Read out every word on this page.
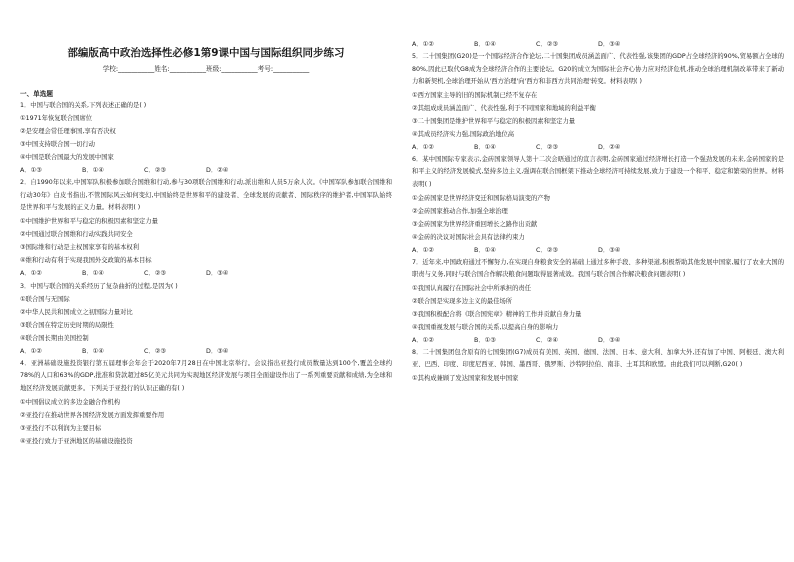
部编版高中政治选择性必修1第9课中国与国际组织同步练习
学校:___________姓名:___________班级:___________考号:___________
一、单选题
1．中国与联合国的关系,下列表述正确的是( )
①1971年恢复联合国席位
②是安理会常任理事国,享有否决权
③中国支持联合国一切行动
④中国是联合国最大的发展中国家
A．①③	B．①④	C．②③	D．②④
2．自1990年以来,中国军队积极参加联合国维和行动,参与30项联合国维和行动,派出维和人员5万余人次。《中国军队参加联合国维和行动30年》白皮书指出,不管国际风云如何变幻,中国始终是世界和平的建设者、全球发展的贡献者、国际秩序的维护者,中国军队始终是世界和平与发展的正义力量。材料表明( )
①中国维护世界和平与稳定的积极因素和坚定力量
②中国通过联合国维和行动实践共同安全
③国际维和行动是主权国家享有的基本权利
④维和行动有利于实现我国外交政策的基本目标
A．①②	B．①④	C．②③	D．③④
3．中国与联合国的关系经历了复杂曲折的过程,是因为( )
①联合国与无国际
②中华人民共和国成立之初国际力量对比
③联合国在特定历史时期的局限性
④联合国长期由美国控制
A．①②	B．①④	C．②③	D．③④
4．亚洲基础设施投资银行第五届理事会年会于2020年7月28日在中国北京举行。会议指出亚投行成员数量达到100个,覆盖全球约78%的人口和63%的GDP,批准和贷款超过85亿美元共同为实现地区经济发展与项目全面建设作出了一系列重要贡献和成绩,为全球和地区经济发展贡献更多。下列关于亚投行的认识正确的有( )
①中国倡议成立的多边金融合作机构
②亚投行在推动世界各国经济发展方面发挥重要作用
③亚投行不以利润为主要目标
④亚投行致力于亚洲地区的基础设施投资
A．①②	B．①④	C．②③	D．③④
5．二十国集团(G20)是一个国际经济合作论坛,二十国集团成员涵盖面广、代表性强,该集团的GDP占全球经济的90%,贸易额占全球的80%,因此已取代G8成为全球经济合作的主要论坛。G20的成立为国际社会齐心协力应对经济危机,推动全球治理机制改革带来了新动力和新契机,全球治理开始从'西方治理'向'西方和非西方共同治理'转变。材料表明( )
①西方国家主导的旧的国际机制已经不复存在
②其组成成员涵盖面广、代表性强,利于不同国家和地域的利益平衡
③二十国集团是维护世界和平与稳定的积极因素和坚定力量
④其成员经济实力强,国际政治地位高
A．①②	B．①④	C．②③	D．②④
6．某中国国际专家表示,金砖国家领导人第十二次会晤通过的宣言表明,金砖国家通过经济增长打造一个强劲发展的未来,金砖国家的是和平主义的经济发展模式,坚持多边主义,强调在联合国框架下推动全球经济可持续发展,致力于建设一个和平、稳定和繁荣的世界。材料表明( )
①金砖国家是世界经济变迁和国际格局演变的产物
②金砖国家推动合作,加强全球治理
③金砖国家为世界经济重回增长之路作出贡献
④金砖的决议对国际社会具有法律约束力
A．①②	B．①④	C．②③	D．③④
7．近年来,中国政府通过不懈努力,在实现自身粮食安全的基础上通过多种手段、多种渠道,积极帮助其他发展中国家,履行了农业大国的职责与义务,同时与联合国合作解决粮食问题取得显著成效。我国与联合国合作解决粮食问题表明( )
①我国认真履行在国际社会中所承担的责任
②联合国是实现多边主义的最佳场所
③我国积极配合将《联合国宪章》精神的工作并贡献自身力量
④我国重视发展与联合国的关系,以提高自身的影响力
A．①②	B．①③	C．②④	D．③④
8．二十国集团包含原有的七国集团(G7)成员有美国、英国、德国、法国、日本、意大利、加拿大外,还有加了中国、阿根廷、澳大利亚、巴西、印度、印度尼西亚、韩国、墨西哥、俄罗斯、沙特阿拉伯、南非、土耳其和欧盟。由此我们可以判断,G20( )
①其构成兼顾了发达国家和发展中国家
